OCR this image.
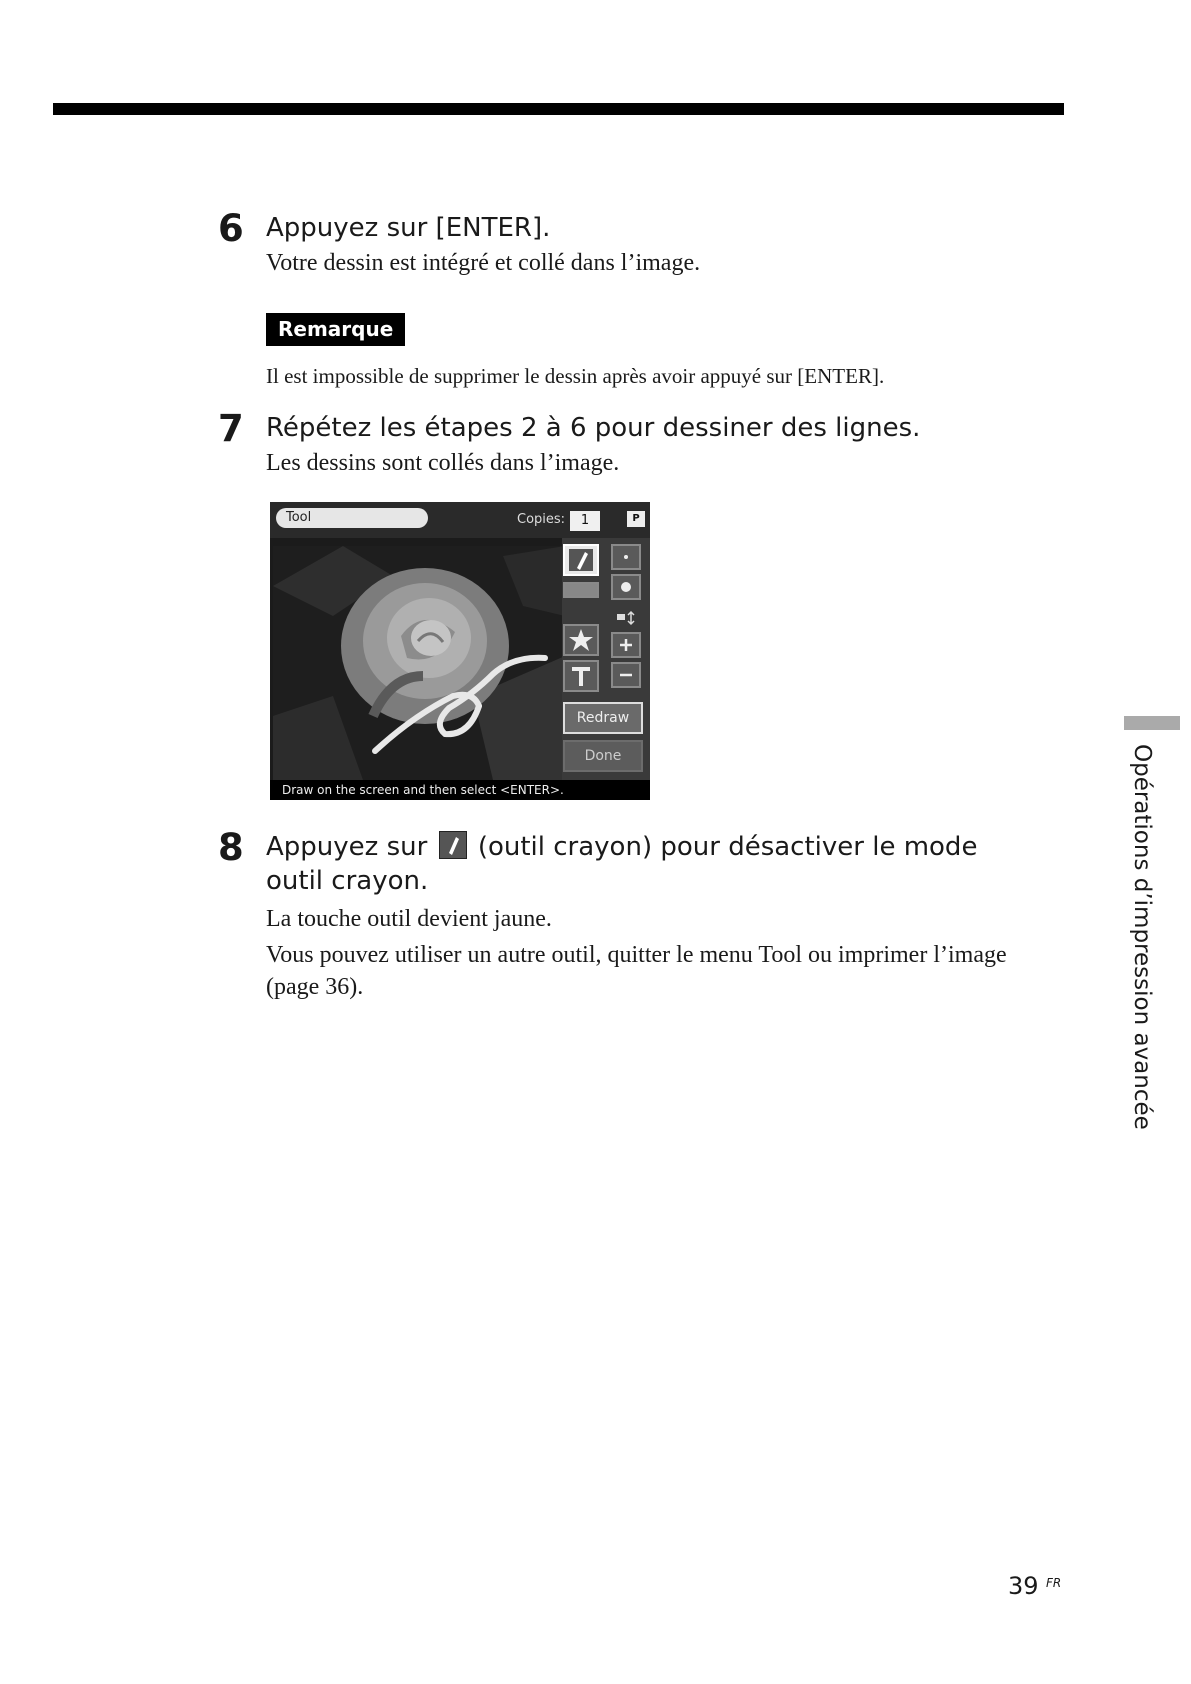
6 Appuyez sur [ENTER].
Votre dessin est intégré et collé dans l’image.
Remarque
Il est impossible de supprimer le dessin après avoir appuyé sur [ENTER].
7 Répétez les étapes 2 à 6 pour dessiner des lignes.
Les dessins sont collés dans l’image.
Tool	Copies:	1	P
Redraw
Done
Draw on the screen and then select <ENTER>.
8 Appuyez sur (outil crayon) pour désactiver le mode outil crayon.
La touche outil devient jaune.
Vous pouvez utiliser un autre outil, quitter le menu Tool ou imprimer l’image (page 36).	Opérations d’impression avancée
39 FR
